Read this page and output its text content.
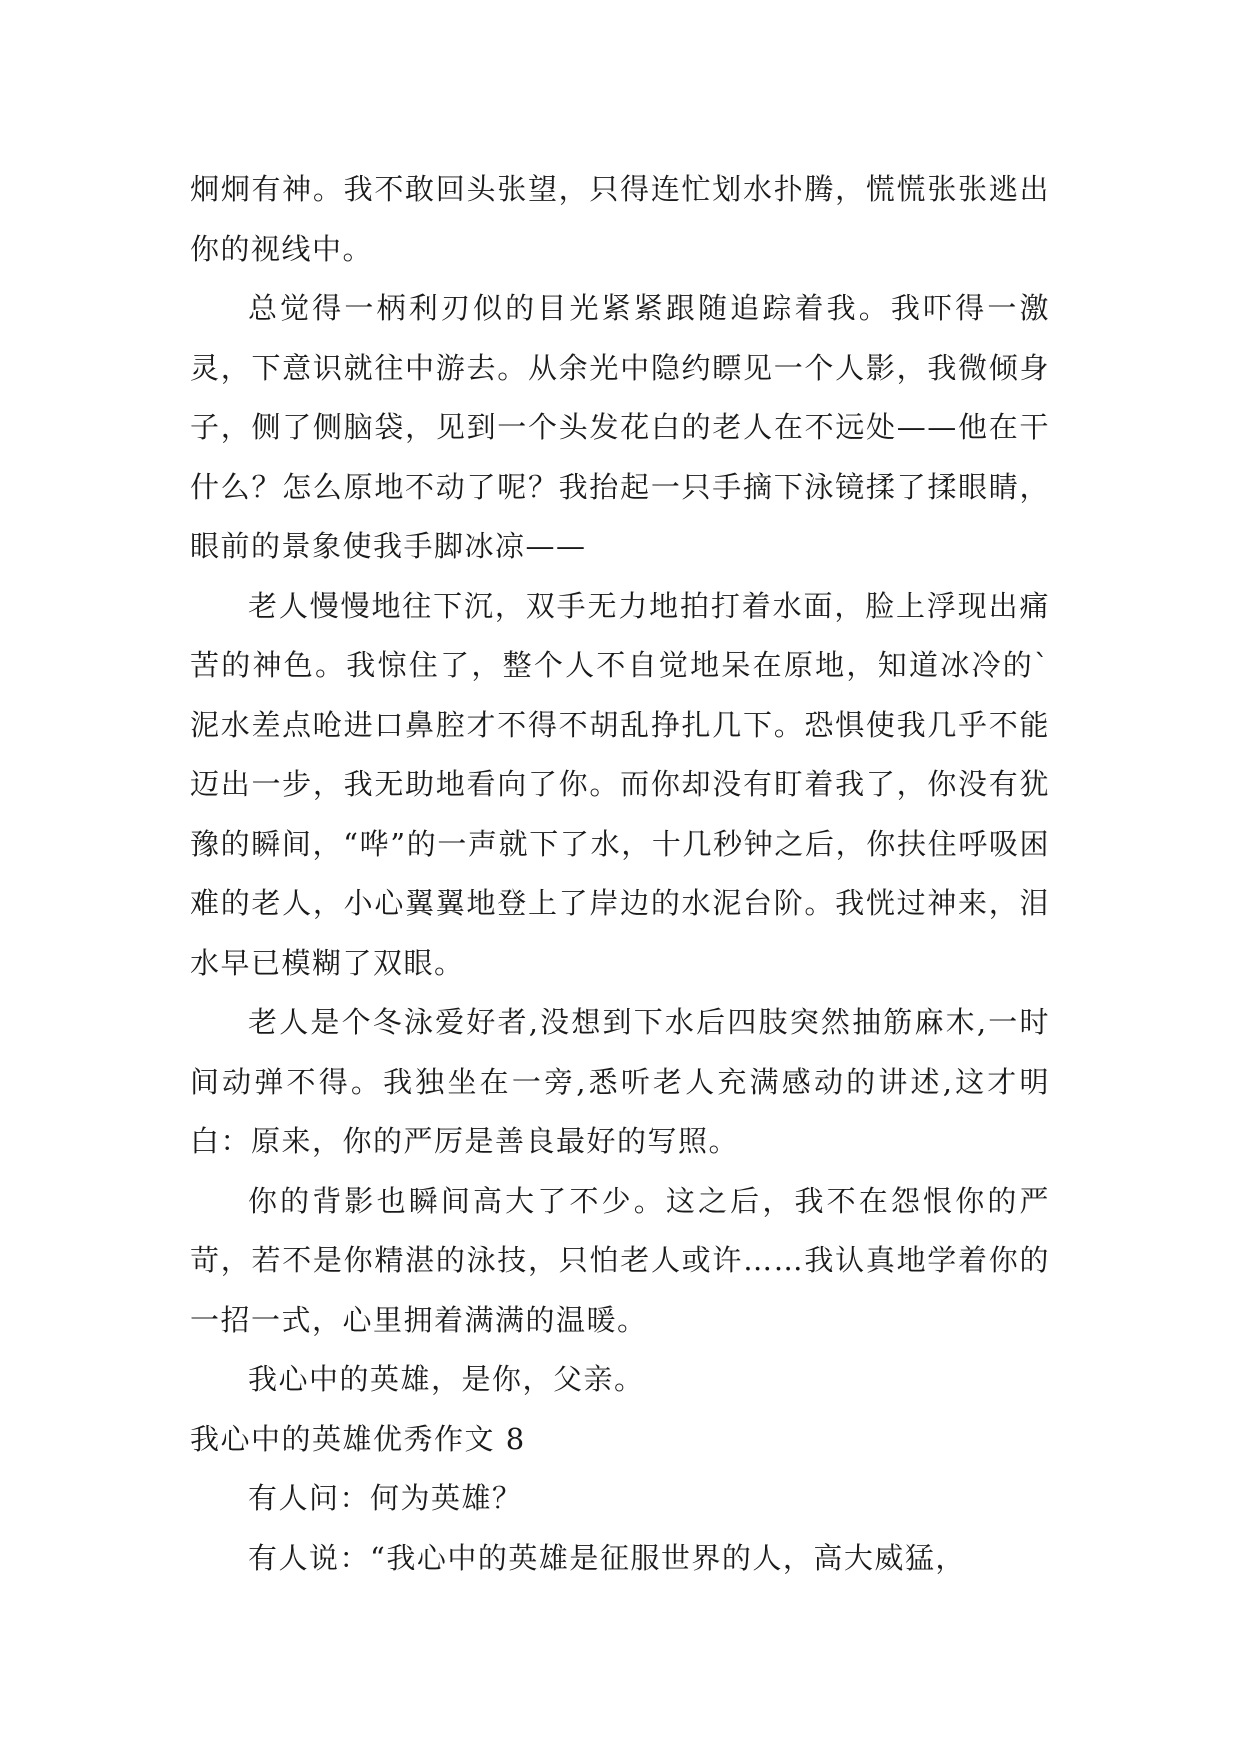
炯炯有神。我不敢回头张望，只得连忙划水扑腾，慌慌张张逃出你的视线中。

总觉得一柄利刃似的目光紧紧跟随追踪着我。我吓得一激灵，下意识就往中游去。从余光中隐约瞟见一个人影，我微倾身子，侧了侧脑袋，见到一个头发花白的老人在不远处——他在干什么？怎么原地不动了呢？我抬起一只手摘下泳镜揉了揉眼睛，眼前的景象使我手脚冰凉——

老人慢慢地往下沉，双手无力地拍打着水面，脸上浮现出痛苦的神色。我惊住了，整个人不自觉地呆在原地，知道冰冷的`泥水差点呛进口鼻腔才不得不胡乱挣扎几下。恐惧使我几乎不能迈出一步，我无助地看向了你。而你却没有盯着我了，你没有犹豫的瞬间，“哗”的一声就下了水，十几秒钟之后，你扶住呼吸困难的老人，小心翼翼地登上了岸边的水泥台阶。我恍过神来，泪水早已模糊了双眼。

老人是个冬泳爱好者,没想到下水后四肢突然抽筋麻木,一时间动弹不得。我独坐在一旁,悉听老人充满感动的讲述,这才明白：原来，你的严厉是善良最好的写照。

你的背影也瞬间高大了不少。这之后，我不在怨恨你的严苛，若不是你精湛的泳技，只怕老人或许……我认真地学着你的一招一式，心里拥着满满的温暖。

我心中的英雄，是你，父亲。

我心中的英雄优秀作文 8

有人问：何为英雄？

有人说：“我心中的英雄是征服世界的人，高大威猛，
